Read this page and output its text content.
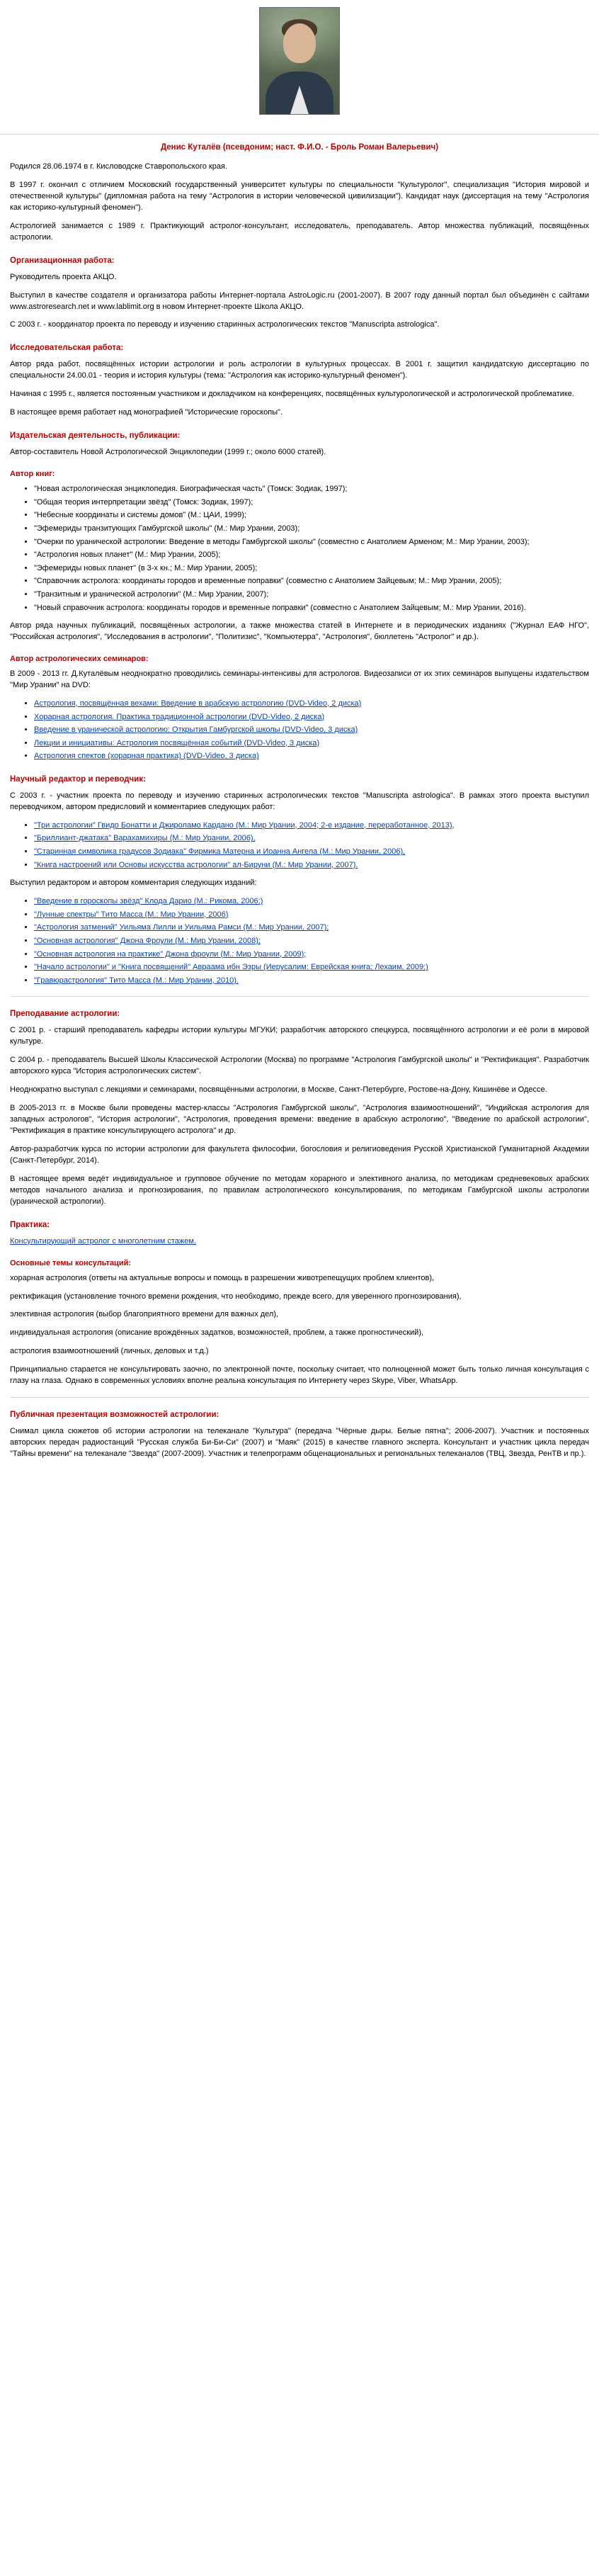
Денис Куталёв (псевдоним; наст. Ф.И.О. - Броль Роман Валерьевич)

Родился 28.06.1974 в г. Кисловодске Ставропольского края.

В 1997 г. окончил с отличием Московский государственный университет культуры по специальности "Культуролог", специализация "История мировой и отечественной культуры" (дипломная работа на тему "Астрология в истории человеческой цивилизации"). Кандидат наук (диссертация на тему "Астрология как историко-культурный феномен").

Астрологией занимается с 1989 г. Практикующий астролог-консультант, исследователь, преподаватель. Автор множества публикаций, посвящённых астрологии.

Организационная работа:

Руководитель проекта АКЦО.

Выступил в качестве создателя и организатора работы Интернет-портала AstroLogic.ru (2001-2007). В 2007 году данный портал был объединён с сайтами www.astroresearch.net и www.lablimit.org в новом Интернет-проекте Школа АКЦО.

С 2003 г. - координатор проекта по переводу и изучению старинных астрологических текстов "Manuscripta astrologica".

Исследовательская работа:

Автор ряда работ, посвящённых истории астрологии и роль астрологии в культурных процессах. В 2001 г. защитил кандидатскую диссертацию по специальности 24.00.01 - теория и история культуры (тема: "Астрология как историко-культурный феномен").

Начиная с 1995 г., является постоянным участником и докладчиком на конференциях, посвящённых культурологической и астрологической проблематике.

В настоящее время работает над монографией "Исторические гороскопы".

Издательская деятельность, публикации:

Автор-составитель Новой Астрологической Энциклопедии (1999 г.; около 6000 статей).

Автор книг:
• "Новая астрологическая энциклопедия. Биографическая часть" (Томск: Зодиак, 1997);
• "Общая теория интерпретации звёзд" (Томск: Зодиак, 1997);
• "Небесные координаты и системы домов" (М.: ЦАИ, 1999);
• "Эфемериды транзитующих Гамбургской школы" (М.: Мир Урании, 2003);
• "Очерки по уранической астрологии: Введение в методы Гамбургской школы" (совместно с Анатолием Арменом; М.: Мир Урании, 2003);
• "Астрология новых планет" (М.: Мир Урании, 2005);
• "Эфемериды новых планет" (в 3-х кн.; М.: Мир Урании, 2005);
• "Справочник астролога: координаты городов и временные поправки" (совместно с Анатолием Зайцевым; М.: Мир Урании, 2005);
• "Транзитным и уранической астрологии" (М.: Мир Урании, 2007);
• "Новый справочник астролога: координаты городов и временные поправки" (совместно с Анатолием Зайцевым; М.: Мир Урании, 2016).

Автор ряда научных публикаций, посвящённых астрологии, а также множества статей в Интернете и в периодических изданиях ("Журнал ЕАФ НГО", "Российская астрология", "Исследования в астрологии", "Политизис", "Компьютерра", "Астрология", бюллетень "Астролог" и др.).

Автор астрологических семинаров:

В 2009 - 2013 гг. Д.Куталёвым неоднократно проводились семинары-интенсивы для астрологов. Видеозаписи от их этих семинаров выпущены издательством "Мир Урании" на DVD:

• Астрология, посвящённая вехами: Введение в арабскую астрологию (DVD-Video, 2 диска)
• Хорарная астрология. Практика традиционной астрологии (DVD-Video, 2 диска)
• Введение в уранической астрологию: Открытия Гамбургской школы (DVD-Video, 3 диска)
• Лекции и инициативы: Астрология посвящённая событий (DVD-Video, 3 диска)
• Астрология спектов (хорарная практика) (DVD-Video, 3 диска)
Научный редактор и переводчик:

С 2003 г. - участник проекта по переводу и изучению старинных астрологических текстов "Manuscripta astrologica". В рамках этого проекта выступил переводчиком, автором предисловий и комментариев следующих работ:

• "Три астрологии" Гвидо Бонатти и Джироламо Кардано (М.: Мир Урании, 2004; 2-е издание, переработанное, 2013),
• "Бриллиант-джатака" Варахамихиры (М.: Мир Урании, 2006),
• "Старинная символика градусов Зодиака" Фирмика Матерна и Иоанна Ангела (М.: Мир Урании, 2006),
• "Книга настроений или Основы искусства астрологии" ал-Бируни (М.: Мир Урании, 2007).

Выступил редактором и автором комментария следующих изданий:

• "Введение в гороскопы звёзд" Клода Дарио (М.: Рикома, 2006;)
• "Лунные спектры" Тито Масса (М.: Мир Урании, 2006)
• "Астрология затмений" Уильяма Лилли и Уильяма Рамси (М.: Мир Урании, 2007);
• "Основная астрология" Джона Фроули (М.: Мир Урании, 2008);
• "Основная астрология на практике" Джона фроули (М.: Мир Урании, 2009);
• "Начало астрологии" и "Книга посвящений" Авраама ибн Эзры (Иерусалим: Еврейская книга; Лехаим, 2009;)
• "Гравюрастрология" Тито Масса (М.: Мир Урании, 2010).
Преподавание астрологии:

С 2001 р. - старший преподаватель кафедры истории культуры МГУКИ; разработчик авторского спецкурса, посвящённого астрологии и её роли в мировой культуре.

С 2004 р. - преподаватель Высшей Школы Классической Астрологии (Москва) по программе "Астрология Гамбургской школы" и "Ректификация". Разработчик авторского курса "История астрологических систем".

Неоднократно выступал с лекциями и семинарами, посвящёнными астрологии, в Москве, Санкт-Петербурге, Ростове-на-Дону, Кишинёве и Одессе.

В 2005-2013 гг. в Москве были проведены мастер-классы "Астрология Гамбургской школы", "Астрология взаимоотношений", "Индийская астрология для западных астрологов", "История астрологии", "Астрология, проведения времени: введение в арабскую астрологию", "Введение по арабской астрологии", "Ректификация в практике консультирующего астролога" и др.

Автор-разработчик курса по истории астрологии для факультета философии, богословия и религиоведения Русской Христианской Гуманитарной Академии (Санкт-Петербург, 2014).

В настоящее время ведёт индивидуальное и групповое обучение по методам хорарного и элективного анализа, по методикам средневековых арабских методов начального анализа и прогнозирования, по правилам астрологического консультирования, по методикам Гамбургской школы астрологии (уранической астрологии).

Практика:

Консультирующий астролог с многолетним стажем.

Основные темы консультаций:

хорарная астрология (ответы на актуальные вопросы и помощь в разрешении животрепещущих проблем клиентов),

ректификация (установление точного времени рождения, что необходимо, прежде всего, для уверенного прогнозирования),

элективная астрология (выбор благоприятного времени для важных дел),

индивидуальная астрология (описание врождённых задатков, возможностей, проблем, а также прогностический),

астрология взаимоотношений (личных, деловых и т.д.)

Принципиально старается не консультировать заочно, по электронной почте, поскольку считает, что полноценной может быть только личная консультация с глазу на глаза. Однако в современных условиях вполне реальна консультация по Интернету через Skype, Viber, WhatsApp.

Публичная презентация возможностей астрологии:

Снимал цикла сюжетов об истории астрологии на телеканале "Культура" (передача "Чёрные дыры. Белые пятна"; 2006-2007). Участник и постоянных авторских передач радиостанций "Русская служба Би-Би-Си" (2007) и "Маяк" (2015) в качестве главного эксперта. Консультант и участник цикла передач "Тайны времени" на телеканале "Звезда" (2007-2009). Участник и телепрограмм общенациональных и региональных телеканалов (ТВЦ, Звезда, РенТВ и пр.).
